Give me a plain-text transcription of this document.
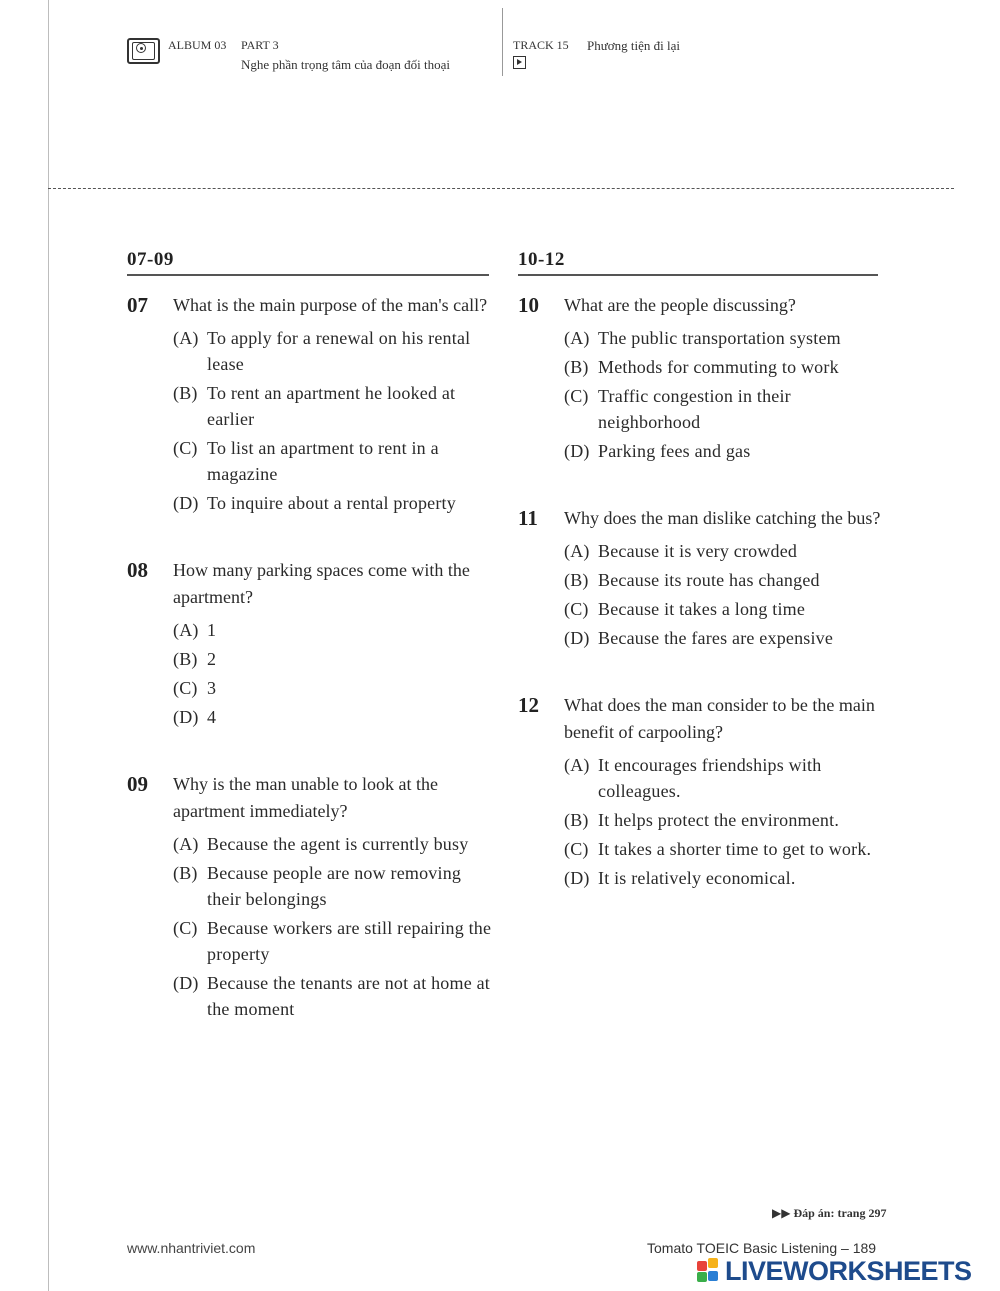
ALBUM 03 PART 3
Nghe phần trọng tâm của đoạn đối thoại
TRACK 15 Phương tiện đi lại
07-09	10-12
07 What is the main purpose of the man's call?
(A) To apply for a renewal on his rental lease
(B) To rent an apartment he looked at earlier
(C) To list an apartment to rent in a magazine
(D) To inquire about a rental property
08 How many parking spaces come with the apartment?
(A) 1
(B) 2
(C) 3
(D) 4
09 Why is the man unable to look at the apartment immediately?
(A) Because the agent is currently busy
(B) Because people are now removing their belongings
(C) Because workers are still repairing the property
(D) Because the tenants are not at home at the moment
10 What are the people discussing?
(A) The public transportation system
(B) Methods for commuting to work
(C) Traffic congestion in their neighborhood
(D) Parking fees and gas
11 Why does the man dislike catching the bus?
(A) Because it is very crowded
(B) Because its route has changed
(C) Because it takes a long time
(D) Because the fares are expensive
12 What does the man consider to be the main benefit of carpooling?
(A) It encourages friendships with colleagues.
(B) It helps protect the environment.
(C) It takes a shorter time to get to work.
(D) It is relatively economical.
▶▶ Đáp án: trang 297
www.nhantriviet.com	Tomato TOEIC Basic Listening – 189
LIVEWORKSHEETS
